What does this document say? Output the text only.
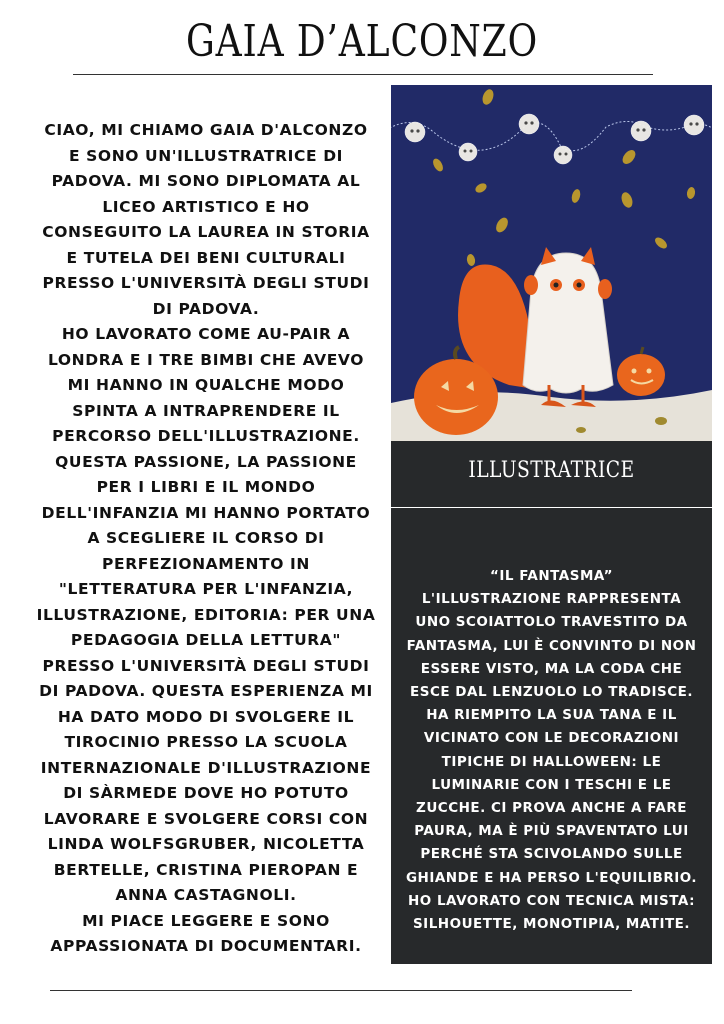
GAIA D’ALCONZO

CIAO, MI CHIAMO GAIA D'ALCONZO

E SONO UN'ILLUSTRATRICE DI

PADOVA. MI SONO DIPLOMATA AL

LICEO ARTISTICO E HO

CONSEGUITO LA LAUREA IN STORIA

E TUTELA DEI BENI CULTURALI

PRESSO L'UNIVERSITÀ DEGLI STUDI

DI PADOVA.

HO LAVORATO COME AU-PAIR A

LONDRA E I TRE BIMBI CHE AVEVO

MI HANNO IN QUALCHE MODO

SPINTA A INTRAPRENDERE IL

PERCORSO DELL'ILLUSTRAZIONE.

QUESTA PASSIONE, LA PASSIONE

PER I LIBRI E IL MONDO

DELL'INFANZIA MI HANNO PORTATO

A SCEGLIERE IL CORSO DI

PERFEZIONAMENTO IN

"LETTERATURA PER L'INFANZIA,

ILLUSTRAZIONE, EDITORIA: PER UNA

PEDAGOGIA DELLA LETTURA"

PRESSO L'UNIVERSITÀ DEGLI STUDI

DI PADOVA. QUESTA ESPERIENZA MI

HA DATO MODO DI SVOLGERE IL

TIROCINIO PRESSO LA SCUOLA

INTERNAZIONALE D'ILLUSTRAZIONE

DI SÀRMEDE DOVE HO POTUTO

LAVORARE E SVOLGERE CORSI CON

LINDA WOLFSGRUBER, NICOLETTA

BERTELLE, CRISTINA PIEROPAN E

ANNA CASTAGNOLI.

MI PIACE LEGGERE E SONO

APPASSIONATA DI DOCUMENTARI.

ILLUSTRATRICE

“IL FANTASMA”

L'ILLUSTRAZIONE RAPPRESENTA

UNO SCOIATTOLO TRAVESTITO DA

FANTASMA, LUI È CONVINTO DI NON

ESSERE VISTO, MA LA CODA CHE

ESCE DAL LENZUOLO LO TRADISCE.

HA RIEMPITO LA SUA TANA E IL

VICINATO CON LE DECORAZIONI

TIPICHE DI HALLOWEEN: LE

LUMINARIE CON I TESCHI E LE

ZUCCHE. CI PROVA ANCHE A FARE

PAURA, MA È PIÙ SPAVENTATO LUI

PERCHÉ STA SCIVOLANDO SULLE

GHIANDE E HA PERSO L'EQUILIBRIO.

HO LAVORATO CON TECNICA MISTA:

SILHOUETTE, MONOTIPIA, MATITE.
